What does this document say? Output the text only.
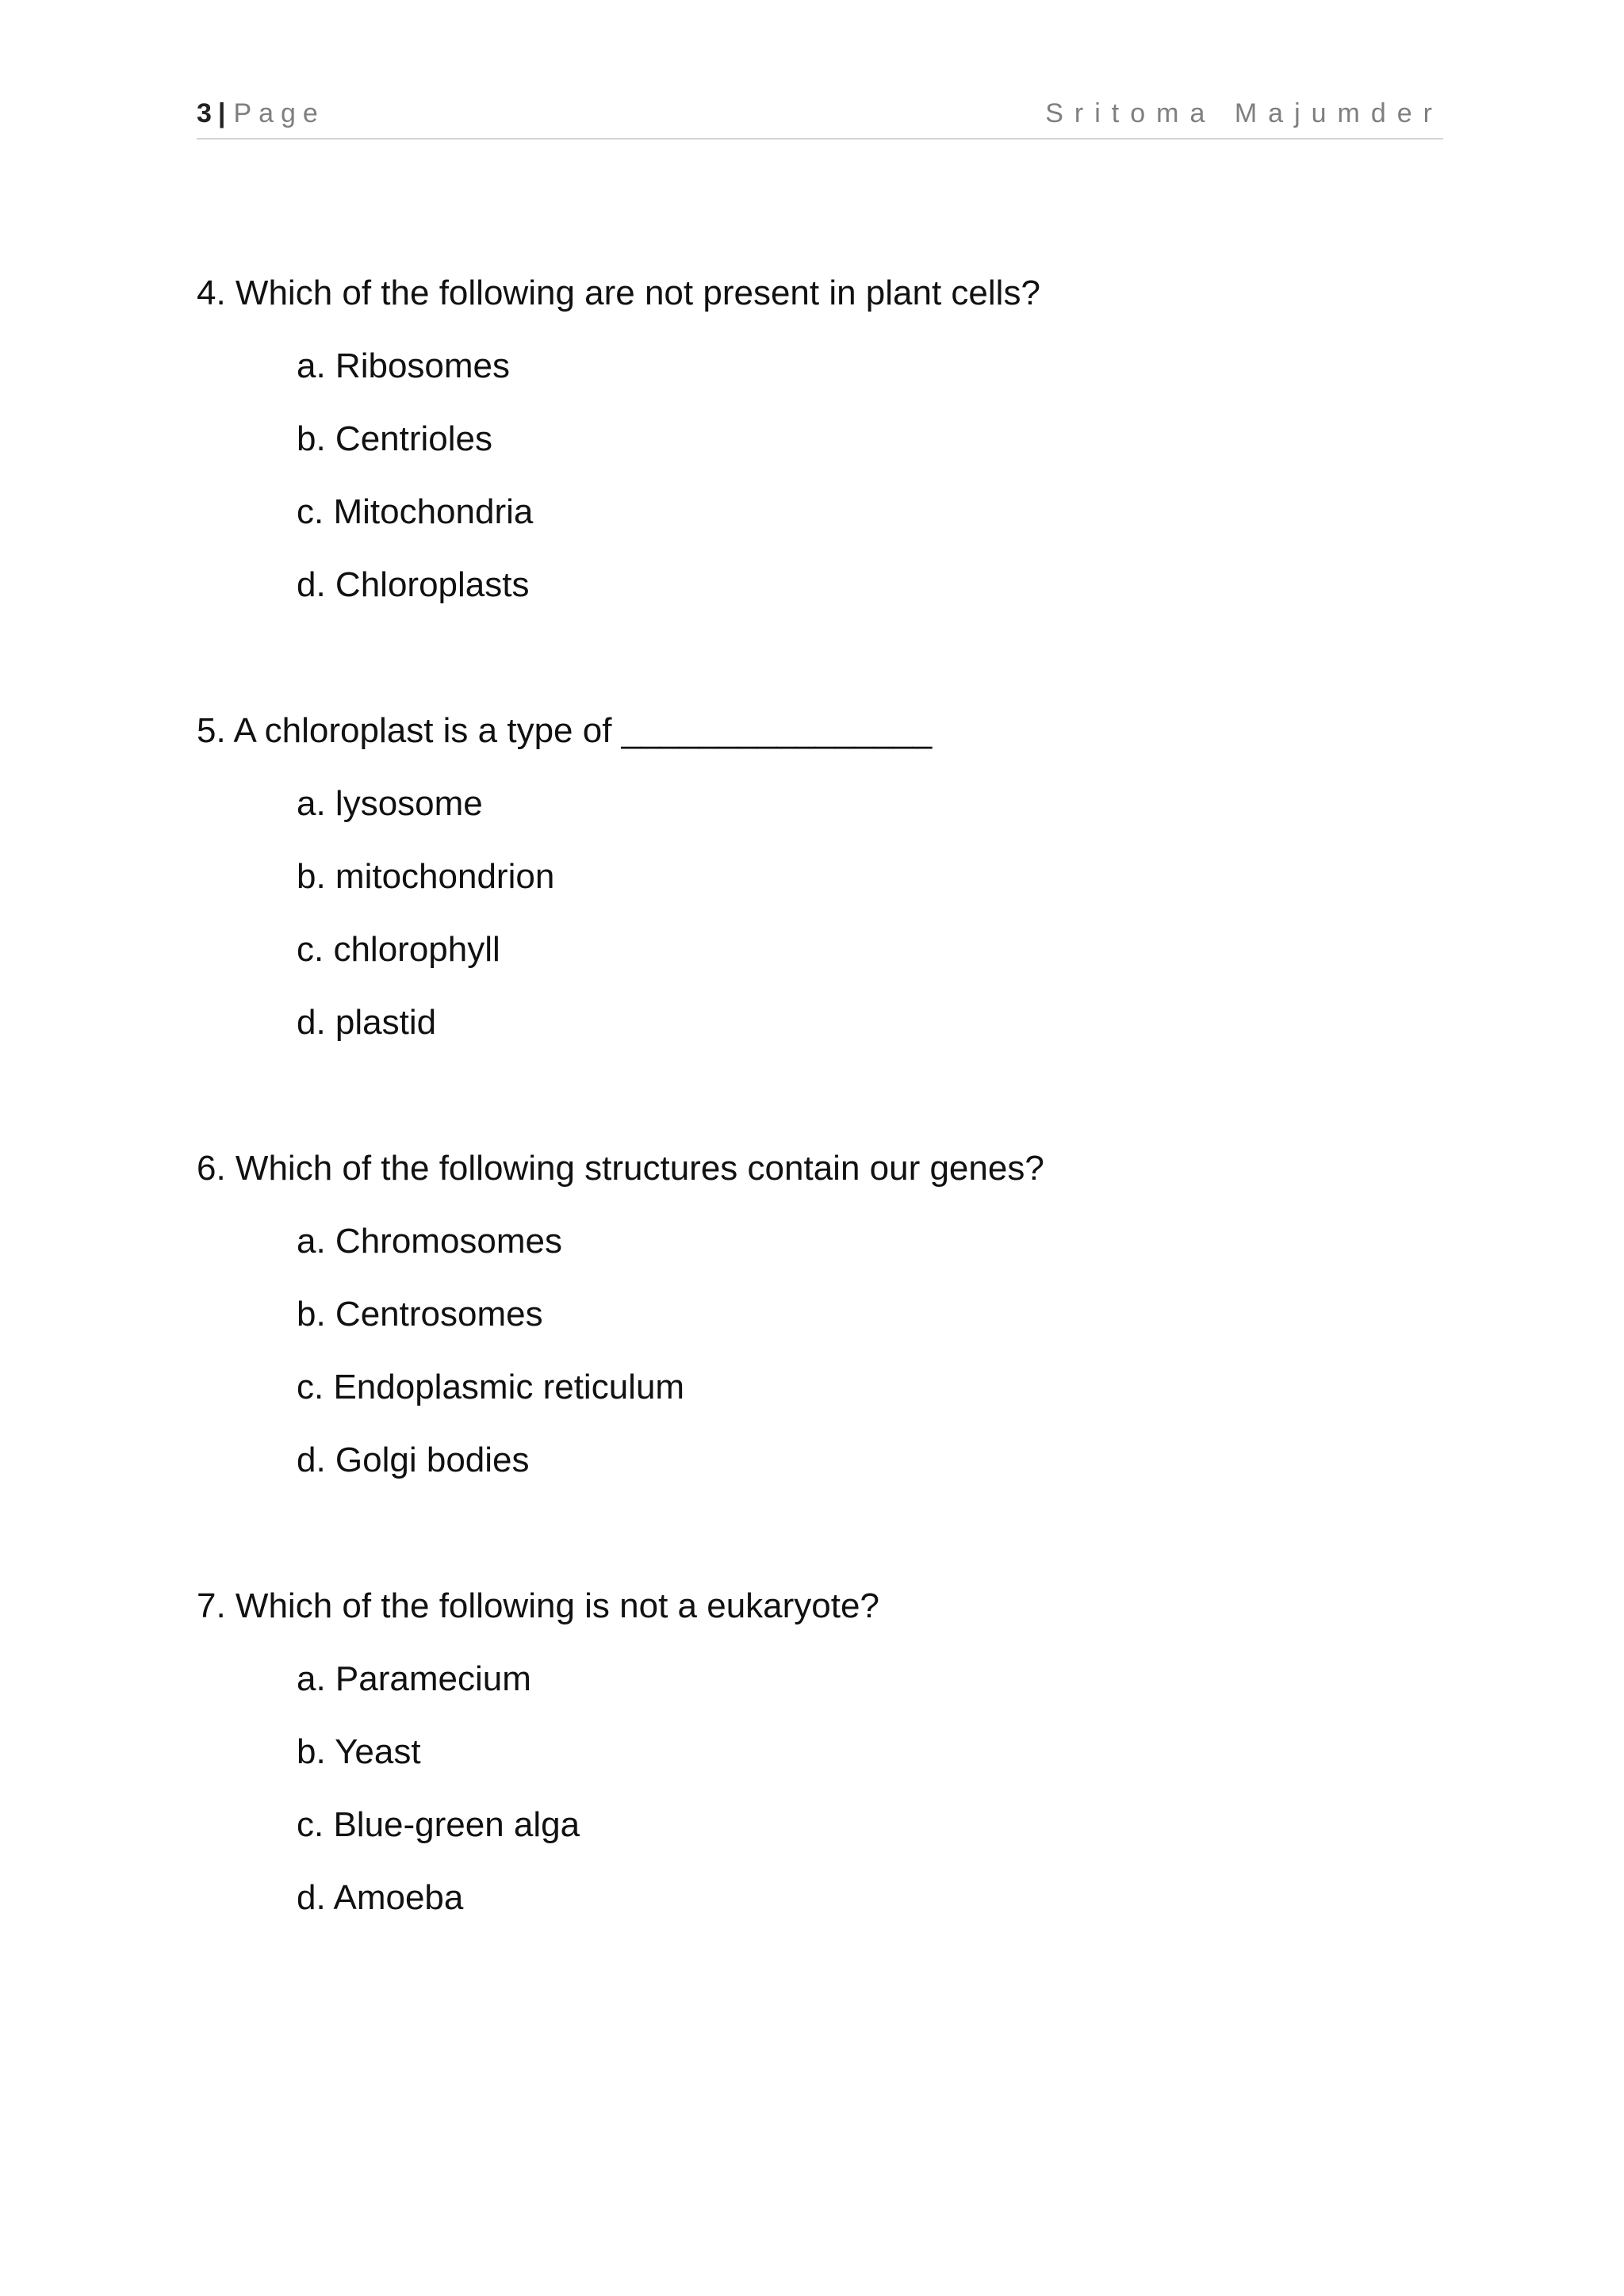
3 | Page	Sritoma Majumder
4. Which of the following are not present in plant cells?
a. Ribosomes
b. Centrioles
c. Mitochondria
d. Chloroplasts
5. A chloroplast is a type of ________________
a. lysosome
b. mitochondrion
c. chlorophyll
d. plastid
6. Which of the following structures contain our genes?
a. Chromosomes
b. Centrosomes
c. Endoplasmic reticulum
d. Golgi bodies
7. Which of the following is not a eukaryote?
a. Paramecium
b. Yeast
c. Blue-green alga
d. Amoeba
